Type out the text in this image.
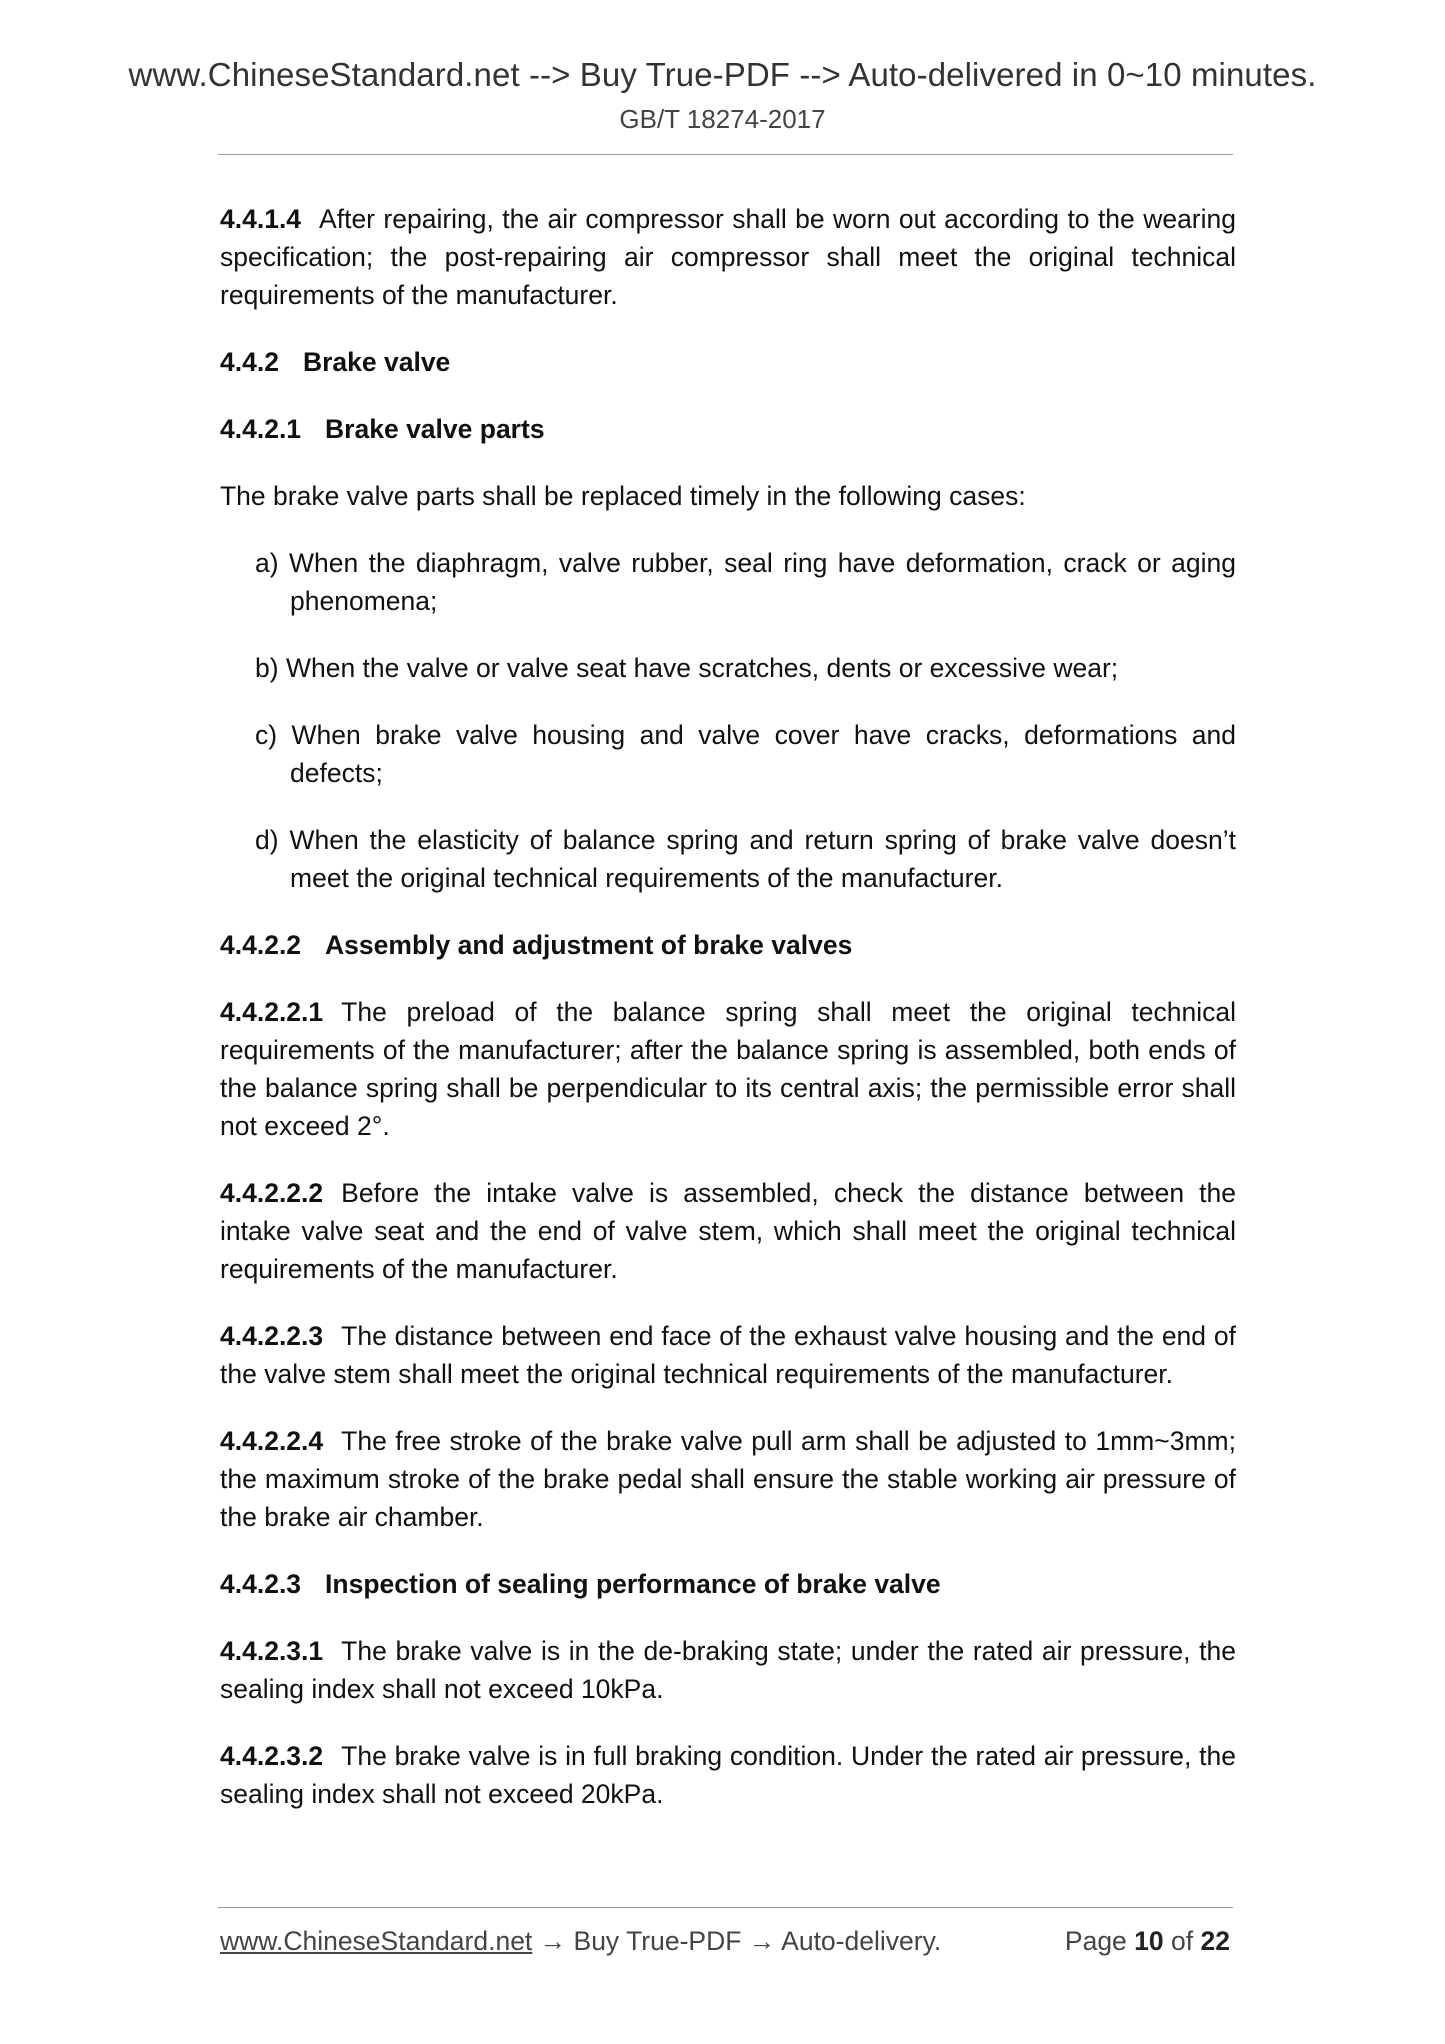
www.ChineseStandard.net --> Buy True-PDF --> Auto-delivered in 0~10 minutes.
GB/T 18274-2017

4.4.1.4 After repairing, the air compressor shall be worn out according to the wearing specification; the post-repairing air compressor shall meet the original technical requirements of the manufacturer.

4.4.2 Brake valve
4.4.2.1 Brake valve parts

The brake valve parts shall be replaced timely in the following cases:

a) When the diaphragm, valve rubber, seal ring have deformation, crack or aging phenomena;
b) When the valve or valve seat have scratches, dents or excessive wear;
c) When brake valve housing and valve cover have cracks, deformations and defects;
d) When the elasticity of balance spring and return spring of brake valve doesn’t meet the original technical requirements of the manufacturer.
4.4.2.2 Assembly and adjustment of brake valves

4.4.2.2.1 The preload of the balance spring shall meet the original technical requirements of the manufacturer; after the balance spring is assembled, both ends of the balance spring shall be perpendicular to its central axis; the permissible error shall not exceed 2°.

4.4.2.2.2 Before the intake valve is assembled, check the distance between the intake valve seat and the end of valve stem, which shall meet the original technical requirements of the manufacturer.

4.4.2.2.3 The distance between end face of the exhaust valve housing and the end of the valve stem shall meet the original technical requirements of the manufacturer.

4.4.2.2.4 The free stroke of the brake valve pull arm shall be adjusted to 1mm~3mm; the maximum stroke of the brake pedal shall ensure the stable working air pressure of the brake air chamber.

4.4.2.3 Inspection of sealing performance of brake valve

4.4.2.3.1 The brake valve is in the de-braking state; under the rated air pressure, the sealing index shall not exceed 10kPa.

4.4.2.3.2 The brake valve is in full braking condition. Under the rated air pressure, the sealing index shall not exceed 20kPa.

www.ChineseStandard.net → Buy True-PDF → Auto-delivery.	Page 10 of 22
